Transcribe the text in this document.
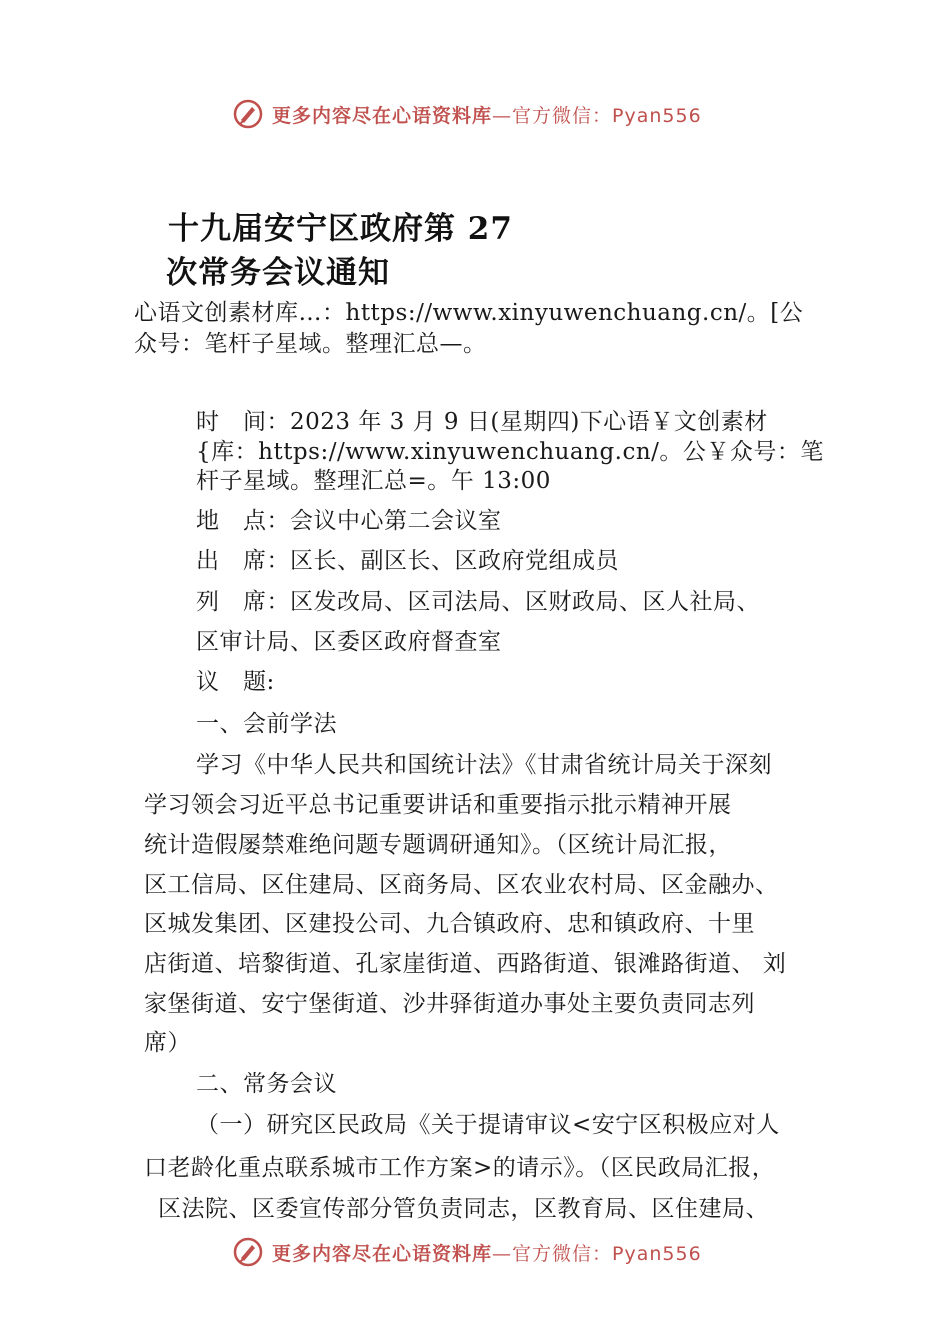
更多内容尽在心语资料库—官方微信：Pyan556
十九届安宁区政府第 27
次常务会议通知
心语文创素材库…：https://www.xinyuwenchuang.cn/。[公
众号：笔杆子星域。整理汇总—。
时　间：2023 年 3 月 9 日(星期四)下心语￥文创素材
{库：https://www.xinyuwenchuang.cn/。公￥众号：笔
杆子星域。整理汇总=。午 13:00
地　点：会议中心第二会议室
出　席：区长、副区长、区政府党组成员
列　席：区发改局、区司法局、区财政局、区人社局、
区审计局、区委区政府督查室
议　题:
一、会前学法
学习《中华人民共和国统计法》《甘肃省统计局关于深刻
学习领会习近平总书记重要讲话和重要指示批示精神开展
统计造假屡禁难绝问题专题调研通知》。（区统计局汇报，
区工信局、区住建局、区商务局、区农业农村局、区金融办、
区城发集团、区建投公司、九合镇政府、忠和镇政府、十里
店街道、培黎街道、孔家崖街道、西路街道、银滩路街道、 刘
家堡街道、安宁堡街道、沙井驿街道办事处主要负责同志列
席）
二、常务会议
（一）研究区民政局《关于提请审议<安宁区积极应对人
口老龄化重点联系城市工作方案>的请示》。（区民政局汇报，
区法院、区委宣传部分管负责同志，区教育局、区住建局、
更多内容尽在心语资料库—官方微信：Pyan556
